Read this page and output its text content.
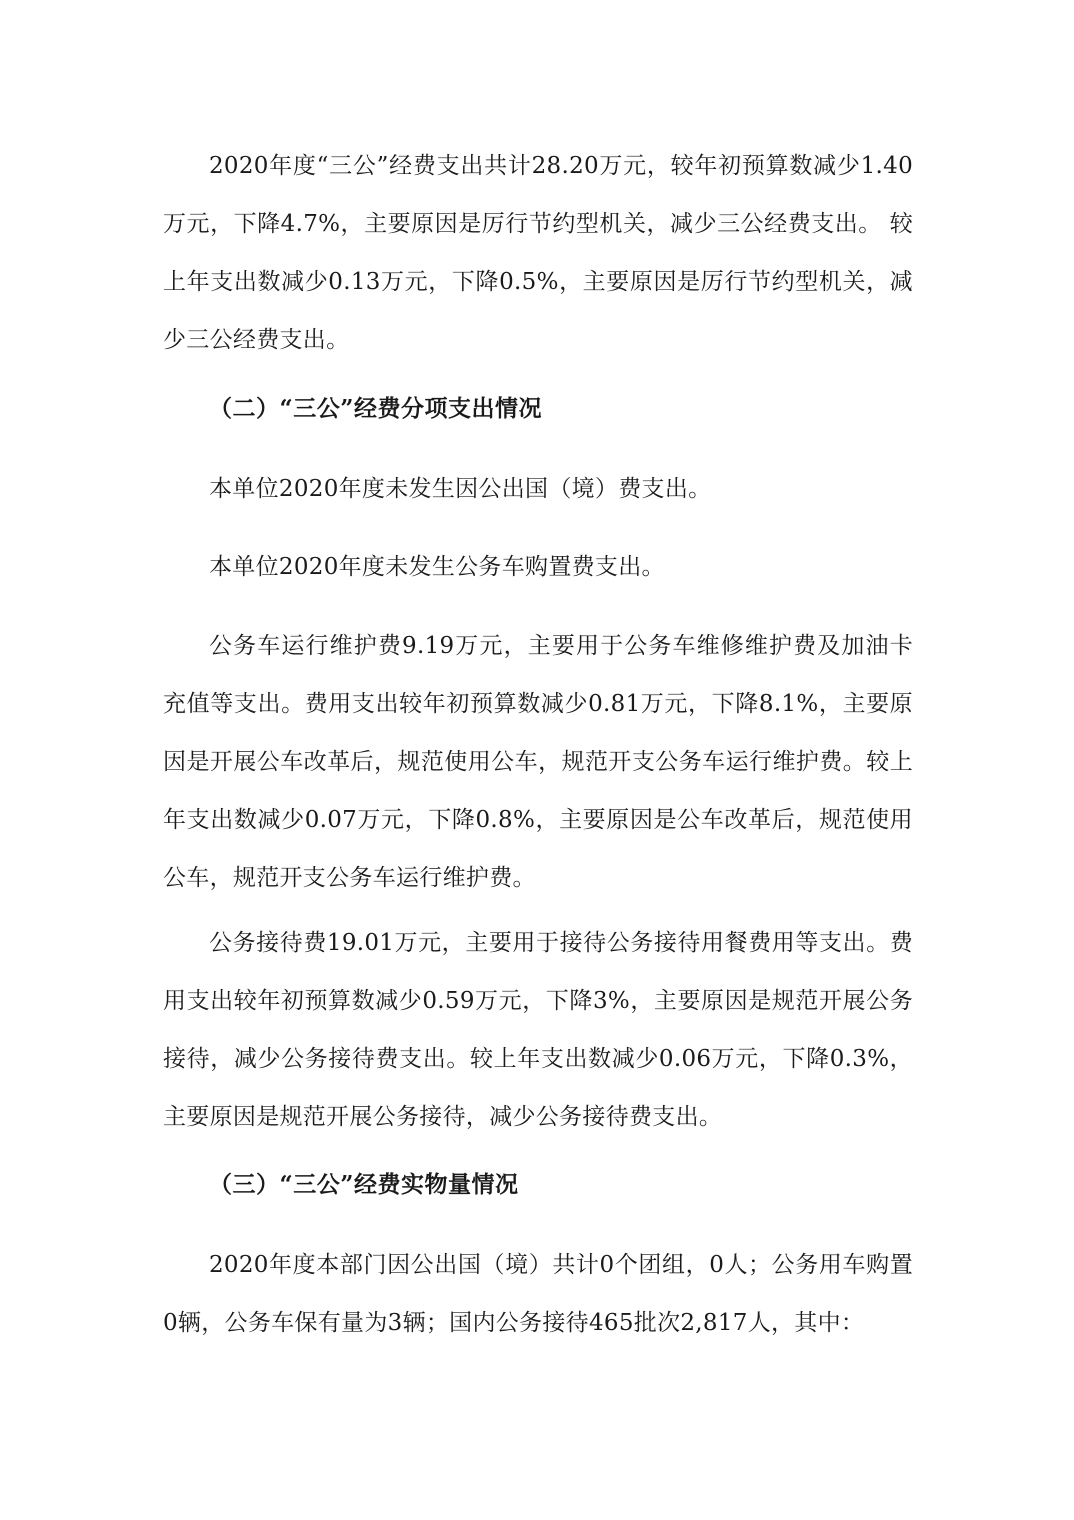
2020年度“三公”经费支出共计28.20万元，较年初预算数减少1.40万元，下降4.7%，主要原因是厉行节约型机关，减少三公经费支出。 较上年支出数减少0.13万元，下降0.5%，主要原因是厉行节约型机关，减少三公经费支出。

（二）“三公”经费分项支出情况

本单位2020年度未发生因公出国（境）费支出。

本单位2020年度未发生公务车购置费支出。

公务车运行维护费9.19万元，主要用于公务车维修维护费及加油卡充值等支出。费用支出较年初预算数减少0.81万元，下降8.1%，主要原因是开展公车改革后，规范使用公车，规范开支公务车运行维护费。较上年支出数减少0.07万元，下降0.8%，主要原因是公车改革后，规范使用公车，规范开支公务车运行维护费。

公务接待费19.01万元，主要用于接待公务接待用餐费用等支出。费用支出较年初预算数减少0.59万元，下降3%，主要原因是规范开展公务接待，减少公务接待费支出。较上年支出数减少0.06万元，下降0.3%，主要原因是规范开展公务接待，减少公务接待费支出。

（三）“三公”经费实物量情况

2020年度本部门因公出国（境）共计0个团组，0人；公务用车购置0辆，公务车保有量为3辆；国内公务接待465批次2,817人，其中：
